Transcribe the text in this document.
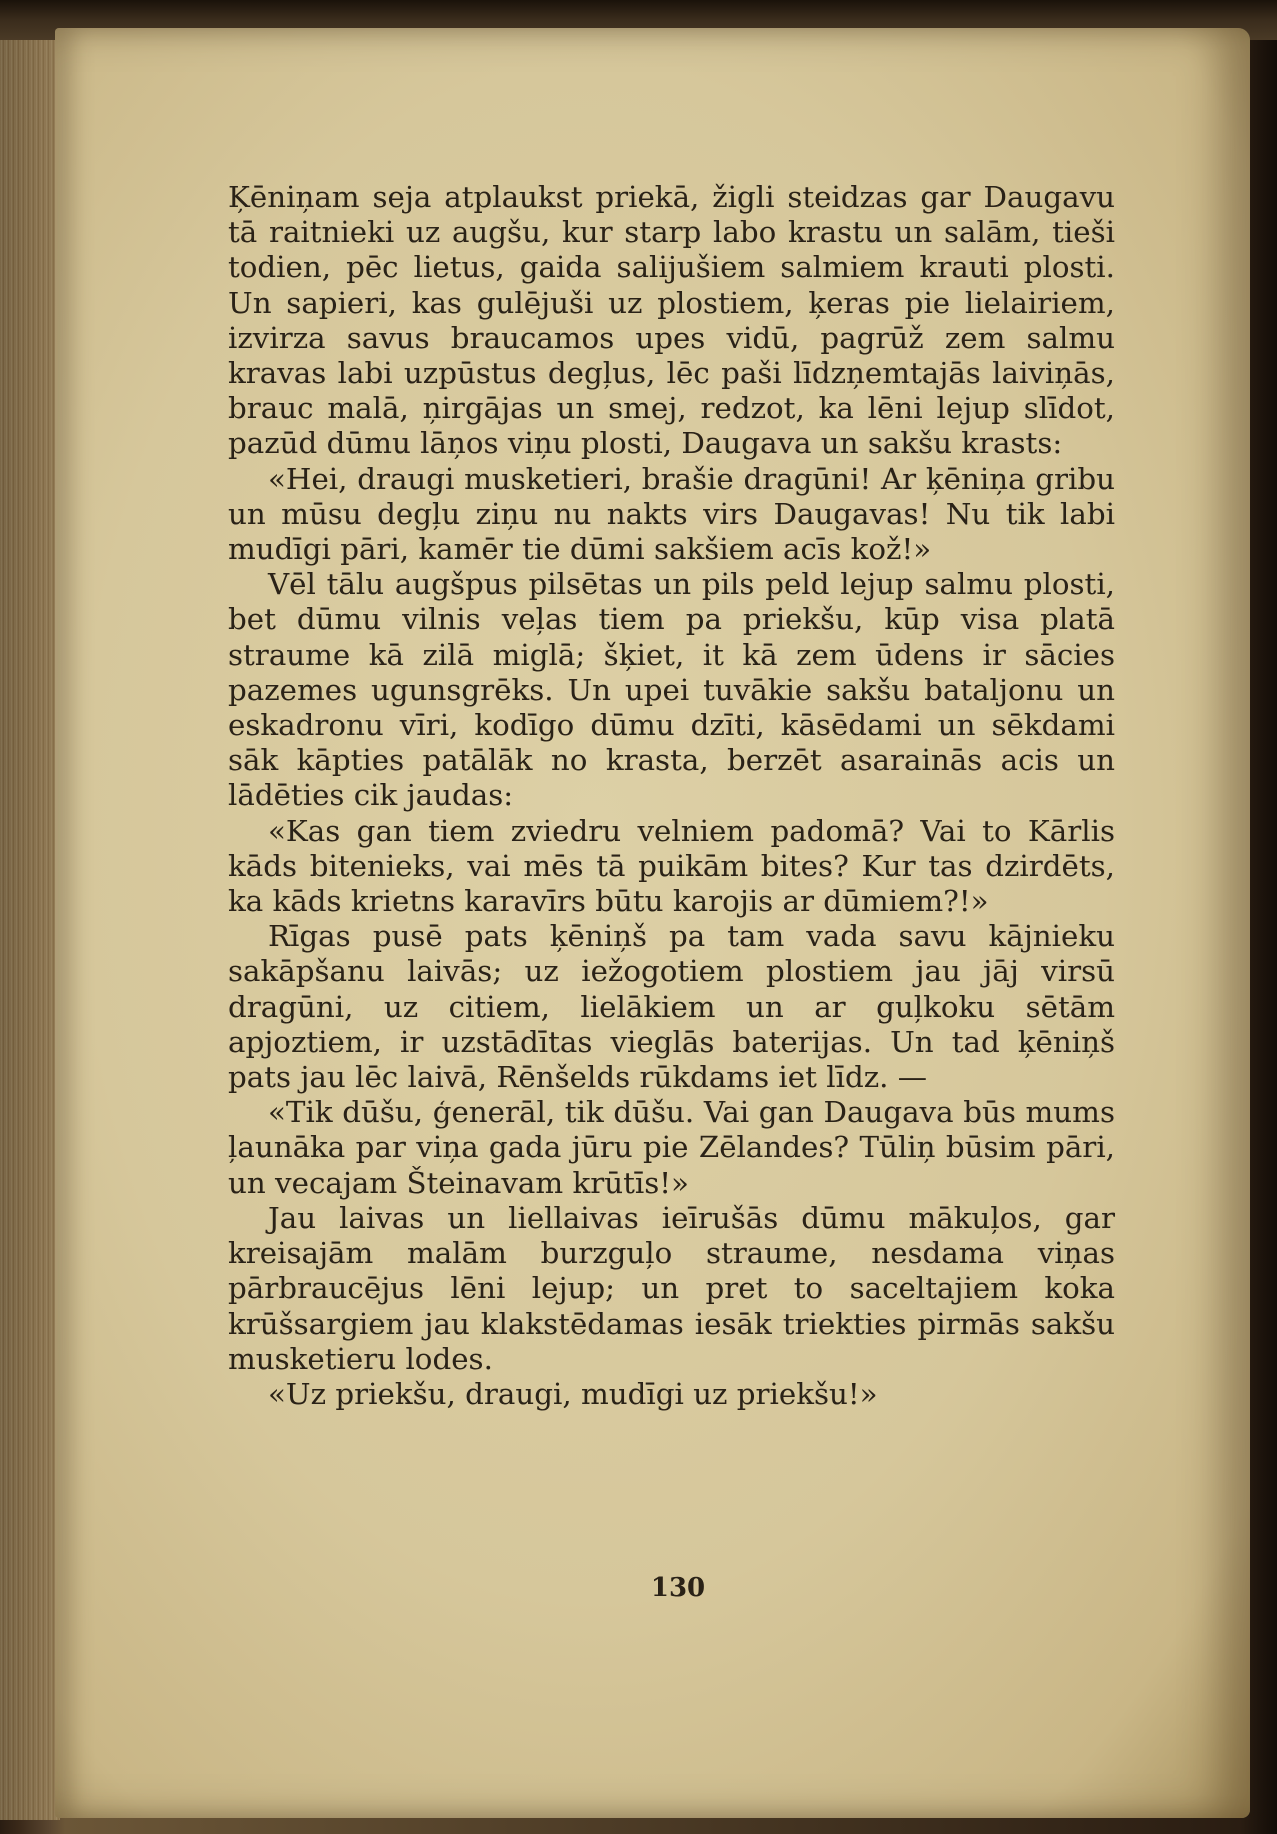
Ķēniņam seja atplaukst priekā, žigli steidzas gar Daugavu tā raitnieki uz augšu, kur starp labo krastu un salām, tieši todien, pēc lietus, gaida salijušiem salmiem krauti plosti. Un sapieri, kas gulējuši uz plostiem, ķeras pie lielairiem, izvirza savus braucamos upes vidū, pagrūž zem salmu kravas labi uzpūstus degļus, lēc paši līdzņemtajās laiviņās, brauc malā, ņirgājas un smej, redzot, ka lēni lejup slīdot, pazūd dūmu lāņos viņu plosti, Daugava un sakšu krasts:

«Hei, draugi musketieri, brašie dragūni! Ar ķēniņa gribu un mūsu degļu ziņu nu nakts virs Daugavas! Nu tik labi mudīgi pāri, kamēr tie dūmi sakšiem acīs kož!»

Vēl tālu augšpus pilsētas un pils peld lejup salmu plosti, bet dūmu vilnis veļas tiem pa priekšu, kūp visa platā straume kā zilā miglā; šķiet, it kā zem ūdens ir sācies pazemes ugunsgrēks. Un upei tuvākie sakšu bataljonu un eskadronu vīri, kodīgo dūmu dzīti, kāsēdami un sēkdami sāk kāpties patālāk no krasta, berzēt asarainās acis un lādēties cik jaudas:

«Kas gan tiem zviedru velniem padomā? Vai to Kārlis kāds bitenieks, vai mēs tā puikām bites? Kur tas dzirdēts, ka kāds krietns karavīrs būtu karojis ar dūmiem?!»

Rīgas pusē pats ķēniņš pa tam vada savu kājnieku sakāpšanu laivās; uz iežogotiem plostiem jau jāj virsū dragūni, uz citiem, lielākiem un ar guļkoku sētām apjoztiem, ir uzstādītas vieglās baterijas. Un tad ķēniņš pats jau lēc laivā, Rēnšelds rūkdams iet līdz. —

«Tik dūšu, ģenerāl, tik dūšu. Vai gan Daugava būs mums ļaunāka par viņa gada jūru pie Zēlandes? Tūliņ būsim pāri, un vecajam Šteinavam krūtīs!»

Jau laivas un liellaivas ieīrušās dūmu mākuļos, gar kreisajām malām burzguļo straume, nesdama viņas pārbraucējus lēni lejup; un pret to saceltajiem koka krūšsargiem jau klakstēdamas iesāk triekties pirmās sakšu musketieru lodes.

«Uz priekšu, draugi, mudīgi uz priekšu!»

130
